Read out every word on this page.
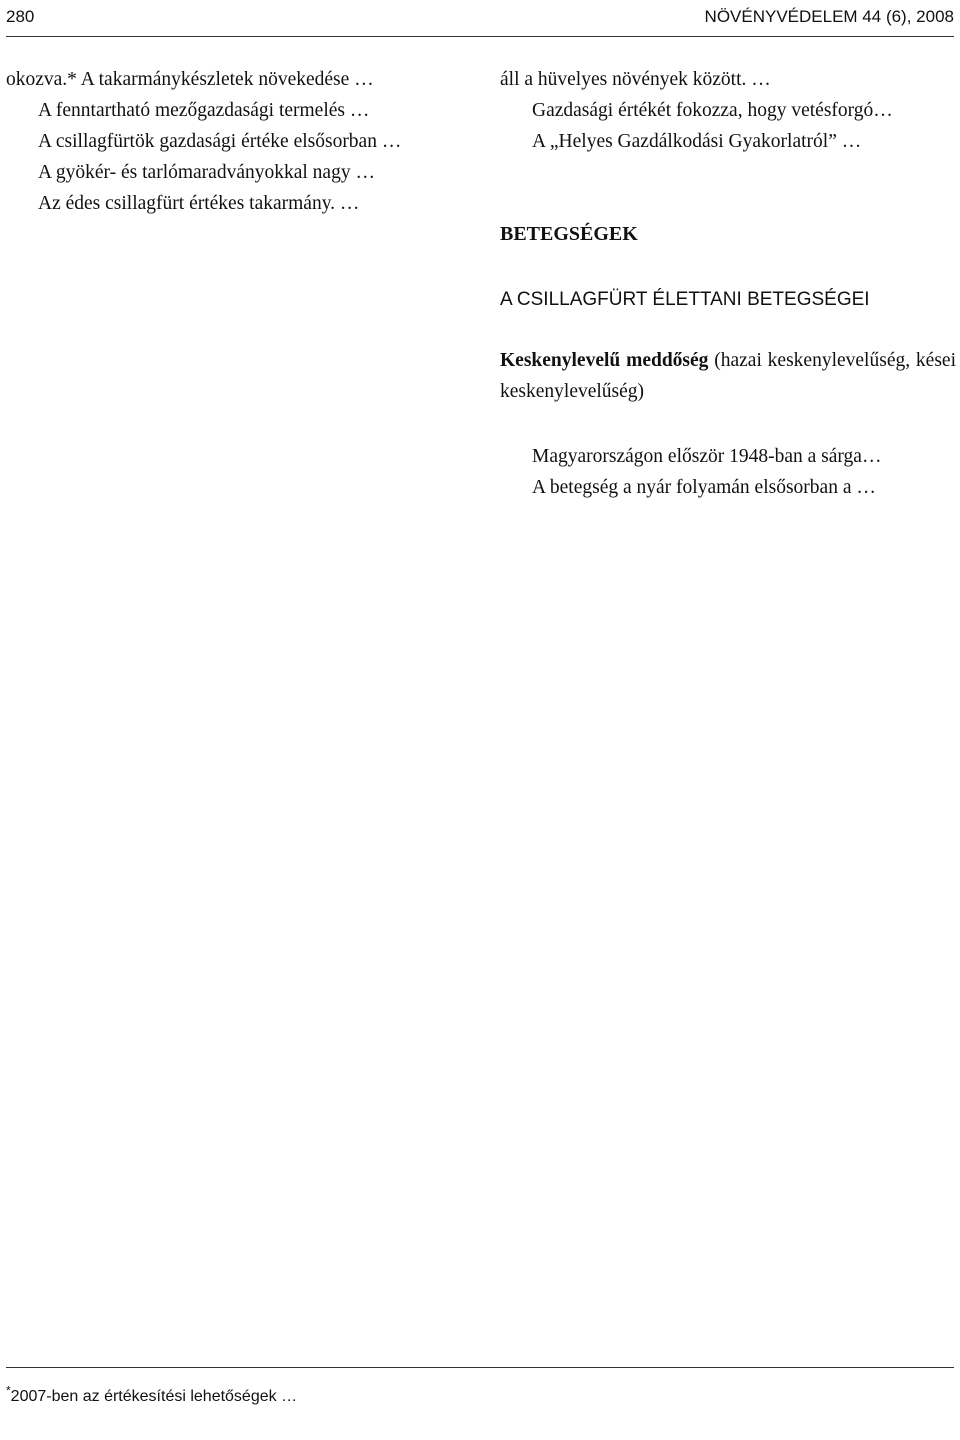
280	NÖVÉNYVÉDELEM 44 (6), 2008

okozva.* A takarmánykészletek növekedése …

A fenntartható mezőgazdasági termelés …

A csillagfürtök gazdasági értéke elsősorban …

A gyökér- és tarlómaradványokkal nagy …

Az édes csillagfürt értékes takarmány. …

áll a hüvelyes növények között. …

Gazdasági értékét fokozza, hogy vetésforgó…

A „Helyes Gazdálkodási Gyakorlatról” …

BETEGSÉGEK

A CSILLAGFÜRT ÉLETTANI BETEGSÉGEI

Keskenylevelű meddőség (hazai keskenylevelűség, kései keskenylevelűség)

Magyarországon először 1948-ban a sárga…

A betegség a nyár folyamán elsősorban a …

*2007-ben az értékesítési lehetőségek …
